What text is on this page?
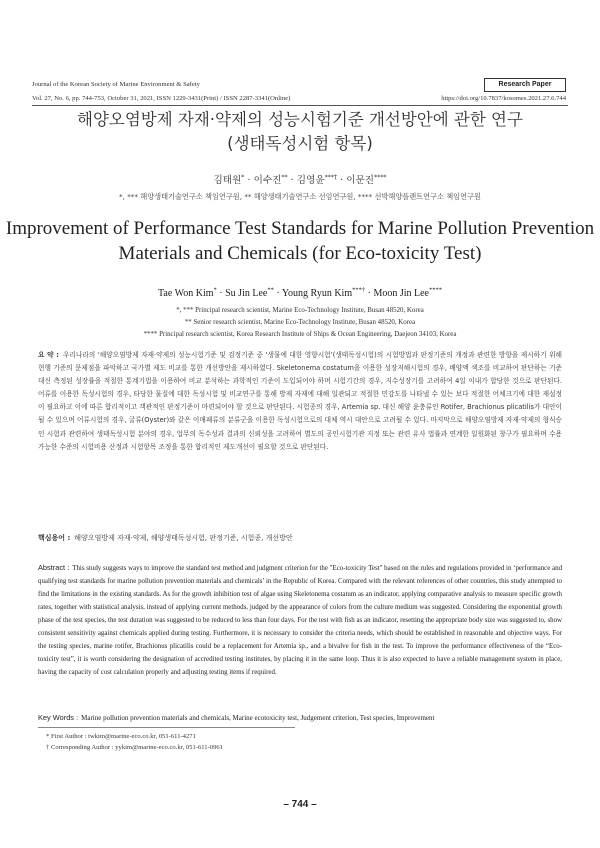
Journal of the Korean Society of Marine Environment & Safety	Research Paper
Vol. 27, No. 6, pp. 744-753, October 31, 2021, ISSN 1229-3431(Print) / ISSN 2287-3341(Online)	https://doi.org/10.7837/kosomes.2021.27.6.744
해양오염방제 자재·약제의 성능시험기준 개선방안에 관한 연구
(생태독성시험 항목)
김태원* · 이수진** · 김영윤***† · 이문진****
*, *** 해양생태기술연구소 책임연구원, ** 해양생태기술연구소 선임연구원, **** 선박해양플랜트연구소 책임연구원
Improvement of Performance Test Standards for Marine Pollution Prevention
Materials and Chemicals (for Eco-toxicity Test)
Tae Won Kim* · Su Jin Lee** · Young Ryun Kim***† · Moon Jin Lee****
*, *** Principal research scientist, Marine Eco-Technology Institute, Busan 48520, Korea
** Senior research scientist, Marine Eco-Technology Institute, Busan 48520, Korea
**** Principal research scientist, Korea Research Institute of Ships & Ocean Engineering, Daejeon 34103, Korea

요 약 : 우리나라의 ‘해양오염방제 자재·약제의 성능시험기준 및 검정기준 중 ‘생물에 대한 영향시험’(생태독성시험)의 시험방법과 판정기준의 개정과 관련한 방향을 제시하기 위해 현행 기준의 문제점을 파악하고 국가별 제도 비교를 통한 개선방안을 제시하였다. Skeletonema costatum을 이용한 성장저해시험의 경우, 배양액 색조를 비교하여 판단하는 기준 대신 측정된 성장률을 적절한 통계기법을 이용하여 비교 분석하는 과학적인 기준이 도입되어야 하며 시험기간의 경우, 지수성장기를 고려하여 4일 이내가 합당한 것으로 판단된다. 어류를 이용한 독성시험의 경우, 타당한 물질에 대한 독성시험 및 비교연구를 통해 방제 자재에 대해 일관되고 적절한 민감도를 나타낼 수 있는 보다 적절한 어체크기에 대한 재설정이 필요하고 이에 따른 합리적이고 객관적인 판정기준이 마련되어야 할 것으로 판단된다. 시험종의 경우, Artemia sp. 대신 해양 윤충류인 Rotifer, Brachionus plicatilis가 대안이 될 수 있으며 어류시험의 경우, 굴류(Oyster)와 같은 이매패류의 분류군을 이용한 독성시험으로의 대체 역시 대안으로 고려될 수 있다. 마지막으로 해양오염방제 자재·약제의 형식승인 시험과 관련하여 생태독성시험 분야의 경우, 업무의 독수성과 결과의 신뢰성을 고려하여 별도의 공인시험기관 지정 또는 관련 유사 법률과 연계한 일원화된 창구가 필요하며 수용가능한 수준의 시험비용 산정과 시험항목 조정을 통한 합리적인 제도개선이 필요할 것으로 판단된다.

핵심용어 : 해양오염방제 자재·약제, 해양생태독성시험, 판정기준, 시험종, 개선방안

Abstract : This study suggests ways to improve the standard test method and judgment criterion for the "Eco-toxicity Test" based on the rules and regulations provided in ‘performance and qualifying test standards for marine pollution prevention materials and chemicals’ in the Republic of Korea. Compared with the relevant references of other countries, this study attempted to find the limitations in the existing standards. As for the growth inhibition test of algae using Skeletonema costatum as an indicator, applying comparative analysis to measure specific growth rates, together with statistical analysis, instead of applying current methods, judged by the appearance of colors from the culture medium was suggested. Considering the exponential growth phase of the test species, the test duration was suggested to be reduced to less than four days. For the test with fish as an indicator, resetting the appropriate body size was suggested to, show consistent sensitivity against chemicals applied during testing. Furthermore, it is necessary to consider the criteria needs, which should be established in reasonable and objective ways. For the testing species, marine rotifer, Brachionus plicatilis could be a replacement for Artemia sp., and a bivalve for fish in the test. To improve the performance effectiveness of the “Eco-toxicity test”, it is worth considering the designation of accredited testing institutes, by placing it in the same loop. Thus it is also expected to have a reliable management system in place, having the capacity of cost calculation properly and adjusting testing items if required.

Key Words : Marine pollution prevention materials and chemicals, Marine ecotoxicity test, Judgement criterion, Test species, Improvement

* First Author : twkim@marine-eco.co.kr, 051-611-4271
† Corresponding Author : yykim@marine-eco.co.kr, 051-611-0961
– 744 –
